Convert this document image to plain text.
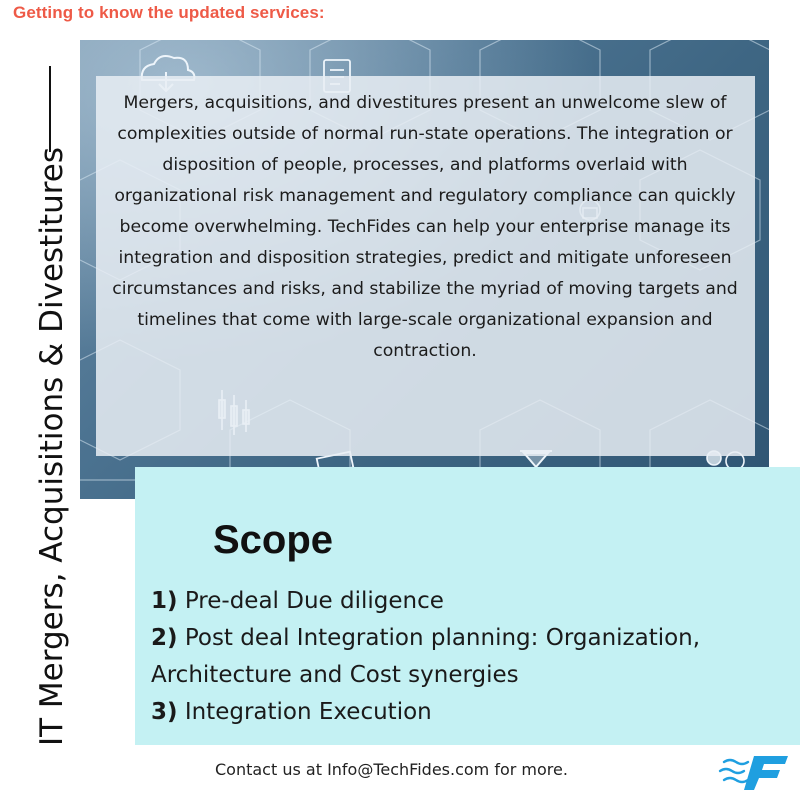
Getting to know the updated services:
IT Mergers, Acquisitions & Divestitures

Mergers, acquisitions, and divestitures present an unwelcome slew of complexities outside of normal run-state operations. The integration or disposition of people, processes, and platforms overlaid with organizational risk management and regulatory compliance can quickly become overwhelming. TechFides can help your enterprise manage its integration and disposition strategies, predict and mitigate unforeseen circumstances and risks, and stabilize the myriad of moving targets and timelines that come with large-scale organizational expansion and contraction.

Scope
1) Pre-deal Due diligence
2) Post deal Integration planning: Organization, Architecture and Cost synergies
3) Integration Execution
Contact us at Info@TechFides.com for more.
